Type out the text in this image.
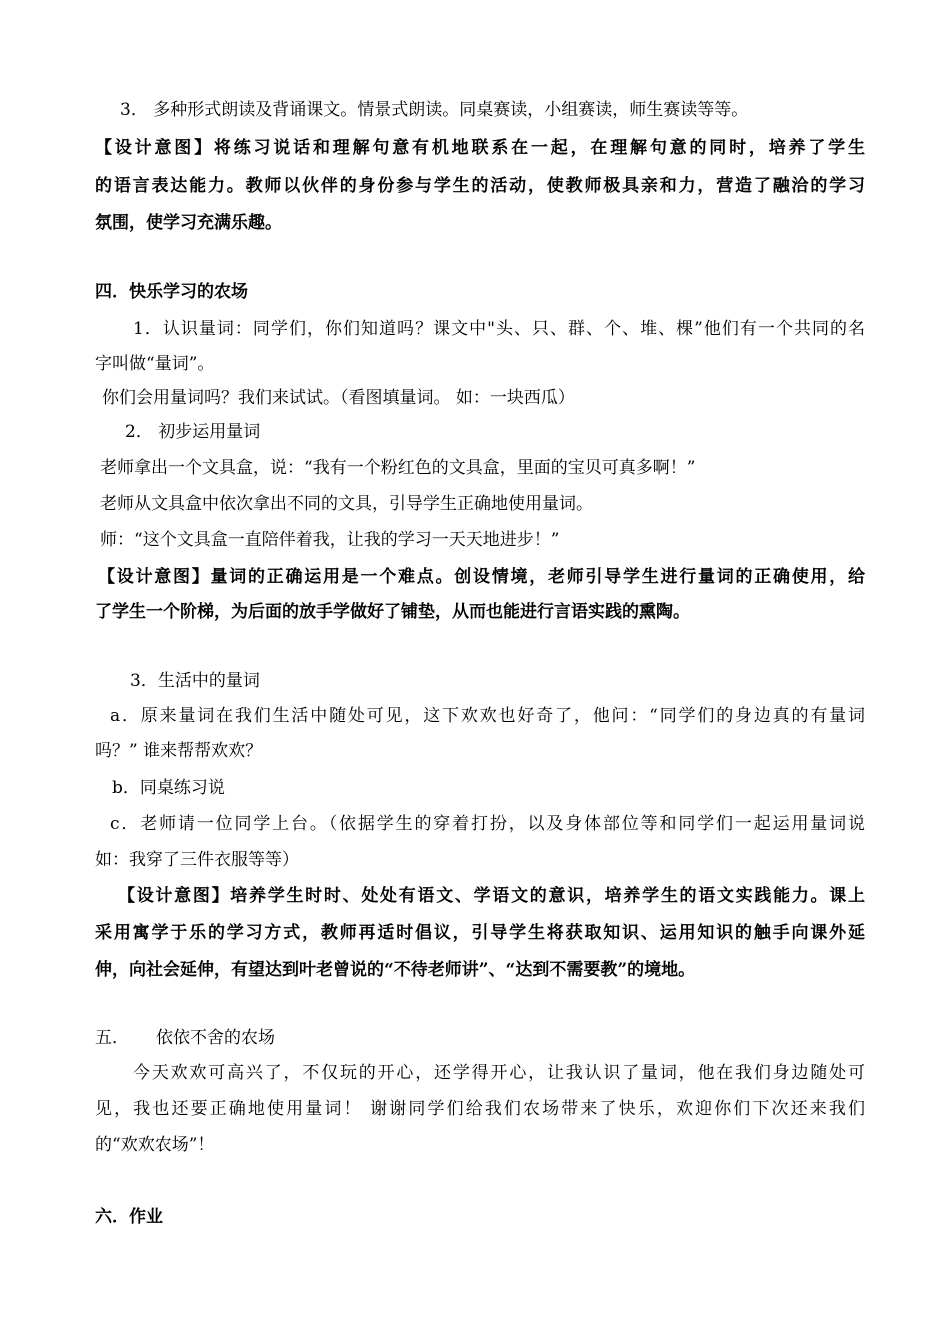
3． 多种形式朗读及背诵课文。情景式朗读。同桌赛读，小组赛读，师生赛读等等。
【设计意图】将练习说话和理解句意有机地联系在一起，在理解句意的同时，培养了学生
的语言表达能力。教师以伙伴的身份参与学生的活动，使教师极具亲和力，营造了融洽的学习
氛围，使学习充满乐趣。
四．快乐学习的农场
1．认识量词：同学们，你们知道吗？课文中"头、只、群、个、堆、棵”他们有一个共同的名
字叫做“量词”。
你们会用量词吗？我们来试试。（看图填量词。 如：一块西瓜）
2． 初步运用量词
老师拿出一个文具盒，说：“我有一个粉红色的文具盒，里面的宝贝可真多啊！”
老师从文具盒中依次拿出不同的文具，引导学生正确地使用量词。
师：“这个文具盒一直陪伴着我，让我的学习一天天地进步！”
【设计意图】量词的正确运用是一个难点。创设情境，老师引导学生进行量词的正确使用，给
了学生一个阶梯，为后面的放手学做好了铺垫，从而也能进行言语实践的熏陶。
3．生活中的量词
a．原来量词在我们生活中随处可见，这下欢欢也好奇了，他问：“同学们的身边真的有量词
吗？” 谁来帮帮欢欢？
b．同桌练习说
c．老师请一位同学上台。（依据学生的穿着打扮，以及身体部位等和同学们一起运用量词说
如：我穿了三件衣服等等）
【设计意图】培养学生时时、处处有语文、学语文的意识，培养学生的语文实践能力。课上
采用寓学于乐的学习方式，教师再适时倡议，引导学生将获取知识、运用知识的触手向课外延
伸，向社会延伸，有望达到叶老曾说的“不待老师讲”、“达到不需要教”的境地。
五．     依依不舍的农场
今天欢欢可高兴了，不仅玩的开心，还学得开心，让我认识了量词，他在我们身边随处可
见，我也还要正确地使用量词！ 谢谢同学们给我们农场带来了快乐，欢迎你们下次还来我们
的“欢欢农场”！
六．作业
